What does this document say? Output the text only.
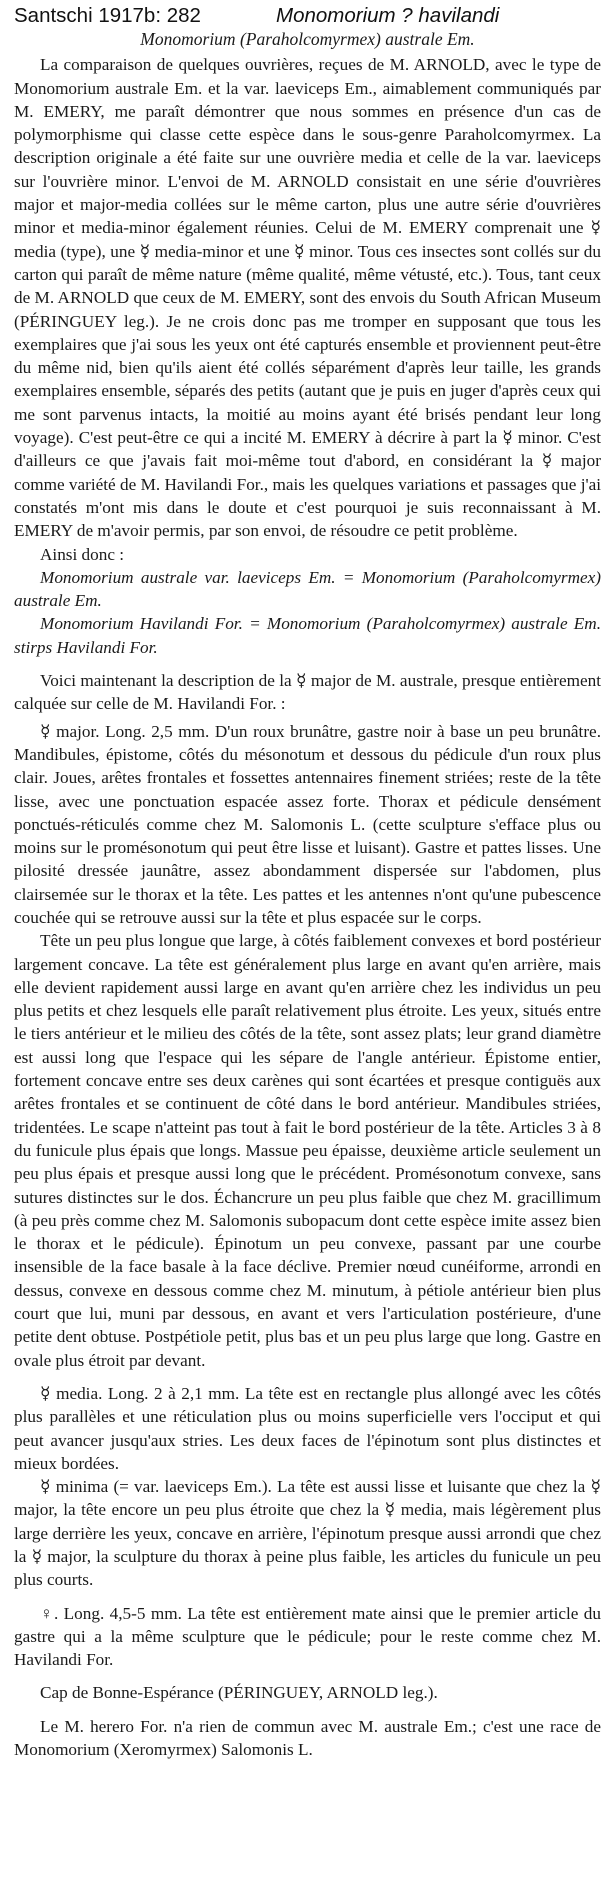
Santschi 1917b: 282	Monomorium ? havilandi
Monomorium (Paraholcomyrmex) australe Em.

La comparaison de quelques ouvrières, reçues de M. ARNOLD, avec le type de Monomorium australe Em. et la var. laeviceps Em., aimablement communiqués par M. EMERY, me paraît démontrer que nous sommes en présence d'un cas de polymorphisme qui classe cette espèce dans le sous-genre Paraholcomyrmex. La description originale a été faite sur une ouvrière media et celle de la var. laeviceps sur l'ouvrière minor. L'envoi de M. ARNOLD consistait en une série d'ouvrières major et major-media collées sur le même carton, plus une autre série d'ouvrières minor et media-minor également réunies. Celui de M. EMERY comprenait une ☿ media (type), une ☿ media-minor et une ☿ minor. Tous ces insectes sont collés sur du carton qui paraît de même nature (même qualité, même vétusté, etc.). Tous, tant ceux de M. ARNOLD que ceux de M. EMERY, sont des envois du South African Museum (PÉRINGUEY leg.). Je ne crois donc pas me tromper en supposant que tous les exemplaires que j'ai sous les yeux ont été capturés ensemble et proviennent peut-être du même nid, bien qu'ils aient été collés séparément d'après leur taille, les grands exemplaires ensemble, séparés des petits (autant que je puis en juger d'après ceux qui me sont parvenus intacts, la moitié au moins ayant été brisés pendant leur long voyage). C'est peut-être ce qui a incité M. EMERY à décrire à part la ☿ minor. C'est d'ailleurs ce que j'avais fait moi-même tout d'abord, en considérant la ☿ major comme variété de M. Havilandi For., mais les quelques variations et passages que j'ai constatés m'ont mis dans le doute et c'est pourquoi je suis reconnaissant à M. EMERY de m'avoir permis, par son envoi, de résoudre ce petit problème.

Ainsi donc :

Monomorium australe var. laeviceps Em. = Monomorium (Paraholcomyrmex) australe Em.

Monomorium Havilandi For. = Monomorium (Paraholcomyrmex) australe Em. stirps Havilandi For.

Voici maintenant la description de la ☿ major de M. australe, presque entièrement calquée sur celle de M. Havilandi For. :

☿ major. Long. 2,5 mm. D'un roux brunâtre, gastre noir à base un peu brunâtre. Mandibules, épistome, côtés du mésonotum et dessous du pédicule d'un roux plus clair. Joues, arêtes frontales et fossettes antennaires finement striées; reste de la tête lisse, avec une ponctuation espacée assez forte. Thorax et pédicule densément ponctués-réticulés comme chez M. Salomonis L. (cette sculpture s'efface plus ou moins sur le promésonotum qui peut être lisse et luisant). Gastre et pattes lisses. Une pilosité dressée jaunâtre, assez abondamment dispersée sur l'abdomen, plus clairsemée sur le thorax et la tête. Les pattes et les antennes n'ont qu'une pubescence couchée qui se retrouve aussi sur la tête et plus espacée sur le corps.

Tête un peu plus longue que large, à côtés faiblement convexes et bord postérieur largement concave. La tête est généralement plus large en avant qu'en arrière, mais elle devient rapidement aussi large en avant qu'en arrière chez les individus un peu plus petits et chez lesquels elle paraît relativement plus étroite. Les yeux, situés entre le tiers antérieur et le milieu des côtés de la tête, sont assez plats; leur grand diamètre est aussi long que l'espace qui les sépare de l'angle antérieur. Épistome entier, fortement concave entre ses deux carènes qui sont écartées et presque contiguës aux arêtes frontales et se continuent de côté dans le bord antérieur. Mandibules striées, tridentées. Le scape n'atteint pas tout à fait le bord postérieur de la tête. Articles 3 à 8 du funicule plus épais que longs. Massue peu épaisse, deuxième article seulement un peu plus épais et presque aussi long que le précédent. Promésonotum convexe, sans sutures distinctes sur le dos. Échancrure un peu plus faible que chez M. gracillimum (à peu près comme chez M. Salomonis subopacum dont cette espèce imite assez bien le thorax et le pédicule). Épinotum un peu convexe, passant par une courbe insensible de la face basale à la face déclive. Premier nœud cunéiforme, arrondi en dessus, convexe en dessous comme chez M. minutum, à pétiole antérieur bien plus court que lui, muni par dessous, en avant et vers l'articulation postérieure, d'une petite dent obtuse. Postpétiole petit, plus bas et un peu plus large que long. Gastre en ovale plus étroit par devant.

☿ media. Long. 2 à 2,1 mm. La tête est en rectangle plus allongé avec les côtés plus parallèles et une réticulation plus ou moins superficielle vers l'occiput et qui peut avancer jusqu'aux stries. Les deux faces de l'épinotum sont plus distinctes et mieux bordées.

☿ minima (= var. laeviceps Em.). La tête est aussi lisse et luisante que chez la ☿ major, la tête encore un peu plus étroite que chez la ☿ media, mais légèrement plus large derrière les yeux, concave en arrière, l'épinotum presque aussi arrondi que chez la ☿ major, la sculpture du thorax à peine plus faible, les articles du funicule un peu plus courts.

♀. Long. 4,5-5 mm. La tête est entièrement mate ainsi que le premier article du gastre qui a la même sculpture que le pédicule; pour le reste comme chez M. Havilandi For.

Cap de Bonne-Espérance (PÉRINGUEY, ARNOLD leg.).

Le M. herero For. n'a rien de commun avec M. australe Em.; c'est une race de Monomorium (Xeromyrmex) Salomonis L.
